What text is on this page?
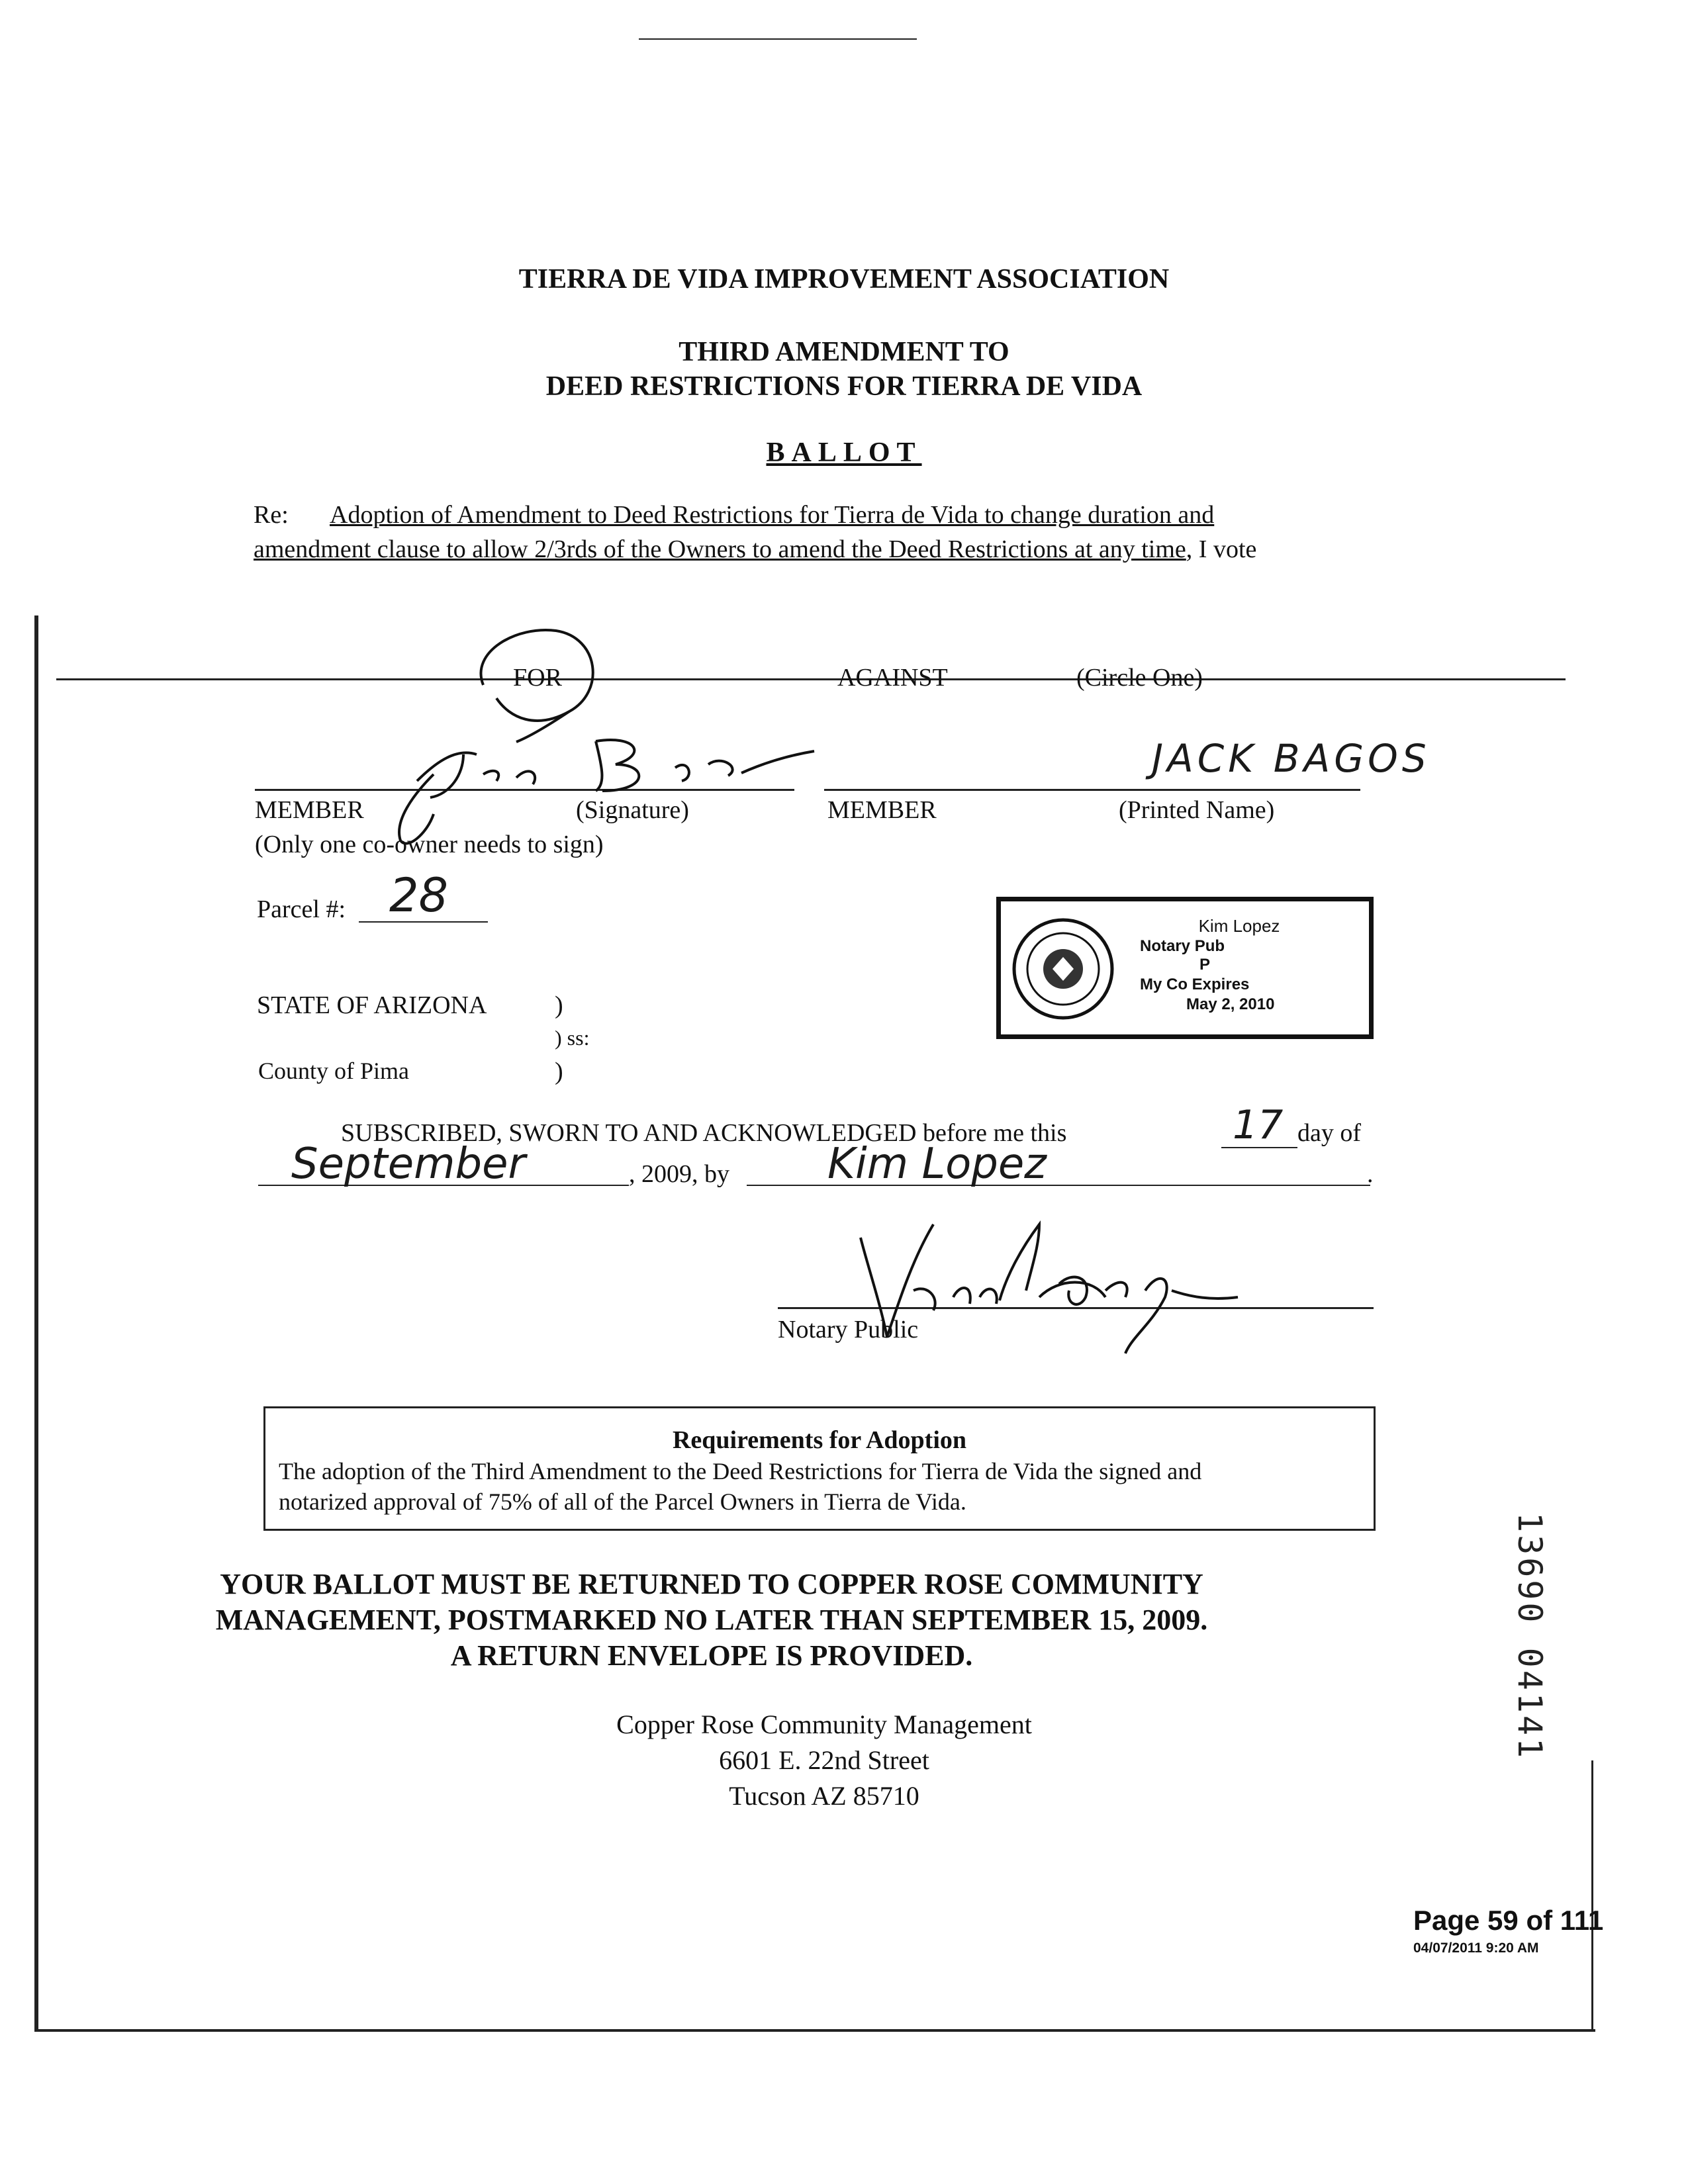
TIERRA DE VIDA IMPROVEMENT ASSOCIATION
THIRD AMENDMENT TO
DEED RESTRICTIONS FOR TIERRA DE VIDA
BALLOT
Re: Adoption of Amendment to Deed Restrictions for Tierra de Vida to change duration and
amendment clause to allow 2/3rds of the Owners to amend the Deed Restrictions at any time, I vote
FOR	AGAINST	(Circle One)
JACK BAGOS
MEMBER	(Signature)	MEMBER	(Printed Name)
(Only one co-owner needs to sign)
Parcel #: 28
Kim Lopez
Notary Pub
P
My Co Expires
May 2, 2010
STATE OF ARIZONA	)
) ss:
County of Pima	)
SUBSCRIBED, SWORN TO AND ACKNOWLEDGED before me this	17 day of
September	, 2009, by Kim Lopez	.
Notary Public
Requirements for Adoption
The adoption of the Third Amendment to the Deed Restrictions for Tierra de Vida the signed and
notarized approval of 75% of all of the Parcel Owners in Tierra de Vida.
13690 04141
YOUR BALLOT MUST BE RETURNED TO COPPER ROSE COMMUNITY
MANAGEMENT, POSTMARKED NO LATER THAN SEPTEMBER 15, 2009.
A RETURN ENVELOPE IS PROVIDED.
Copper Rose Community Management
6601 E. 22nd Street
Tucson AZ 85710
Page 59 of 111
04/07/2011 9:20 AM
